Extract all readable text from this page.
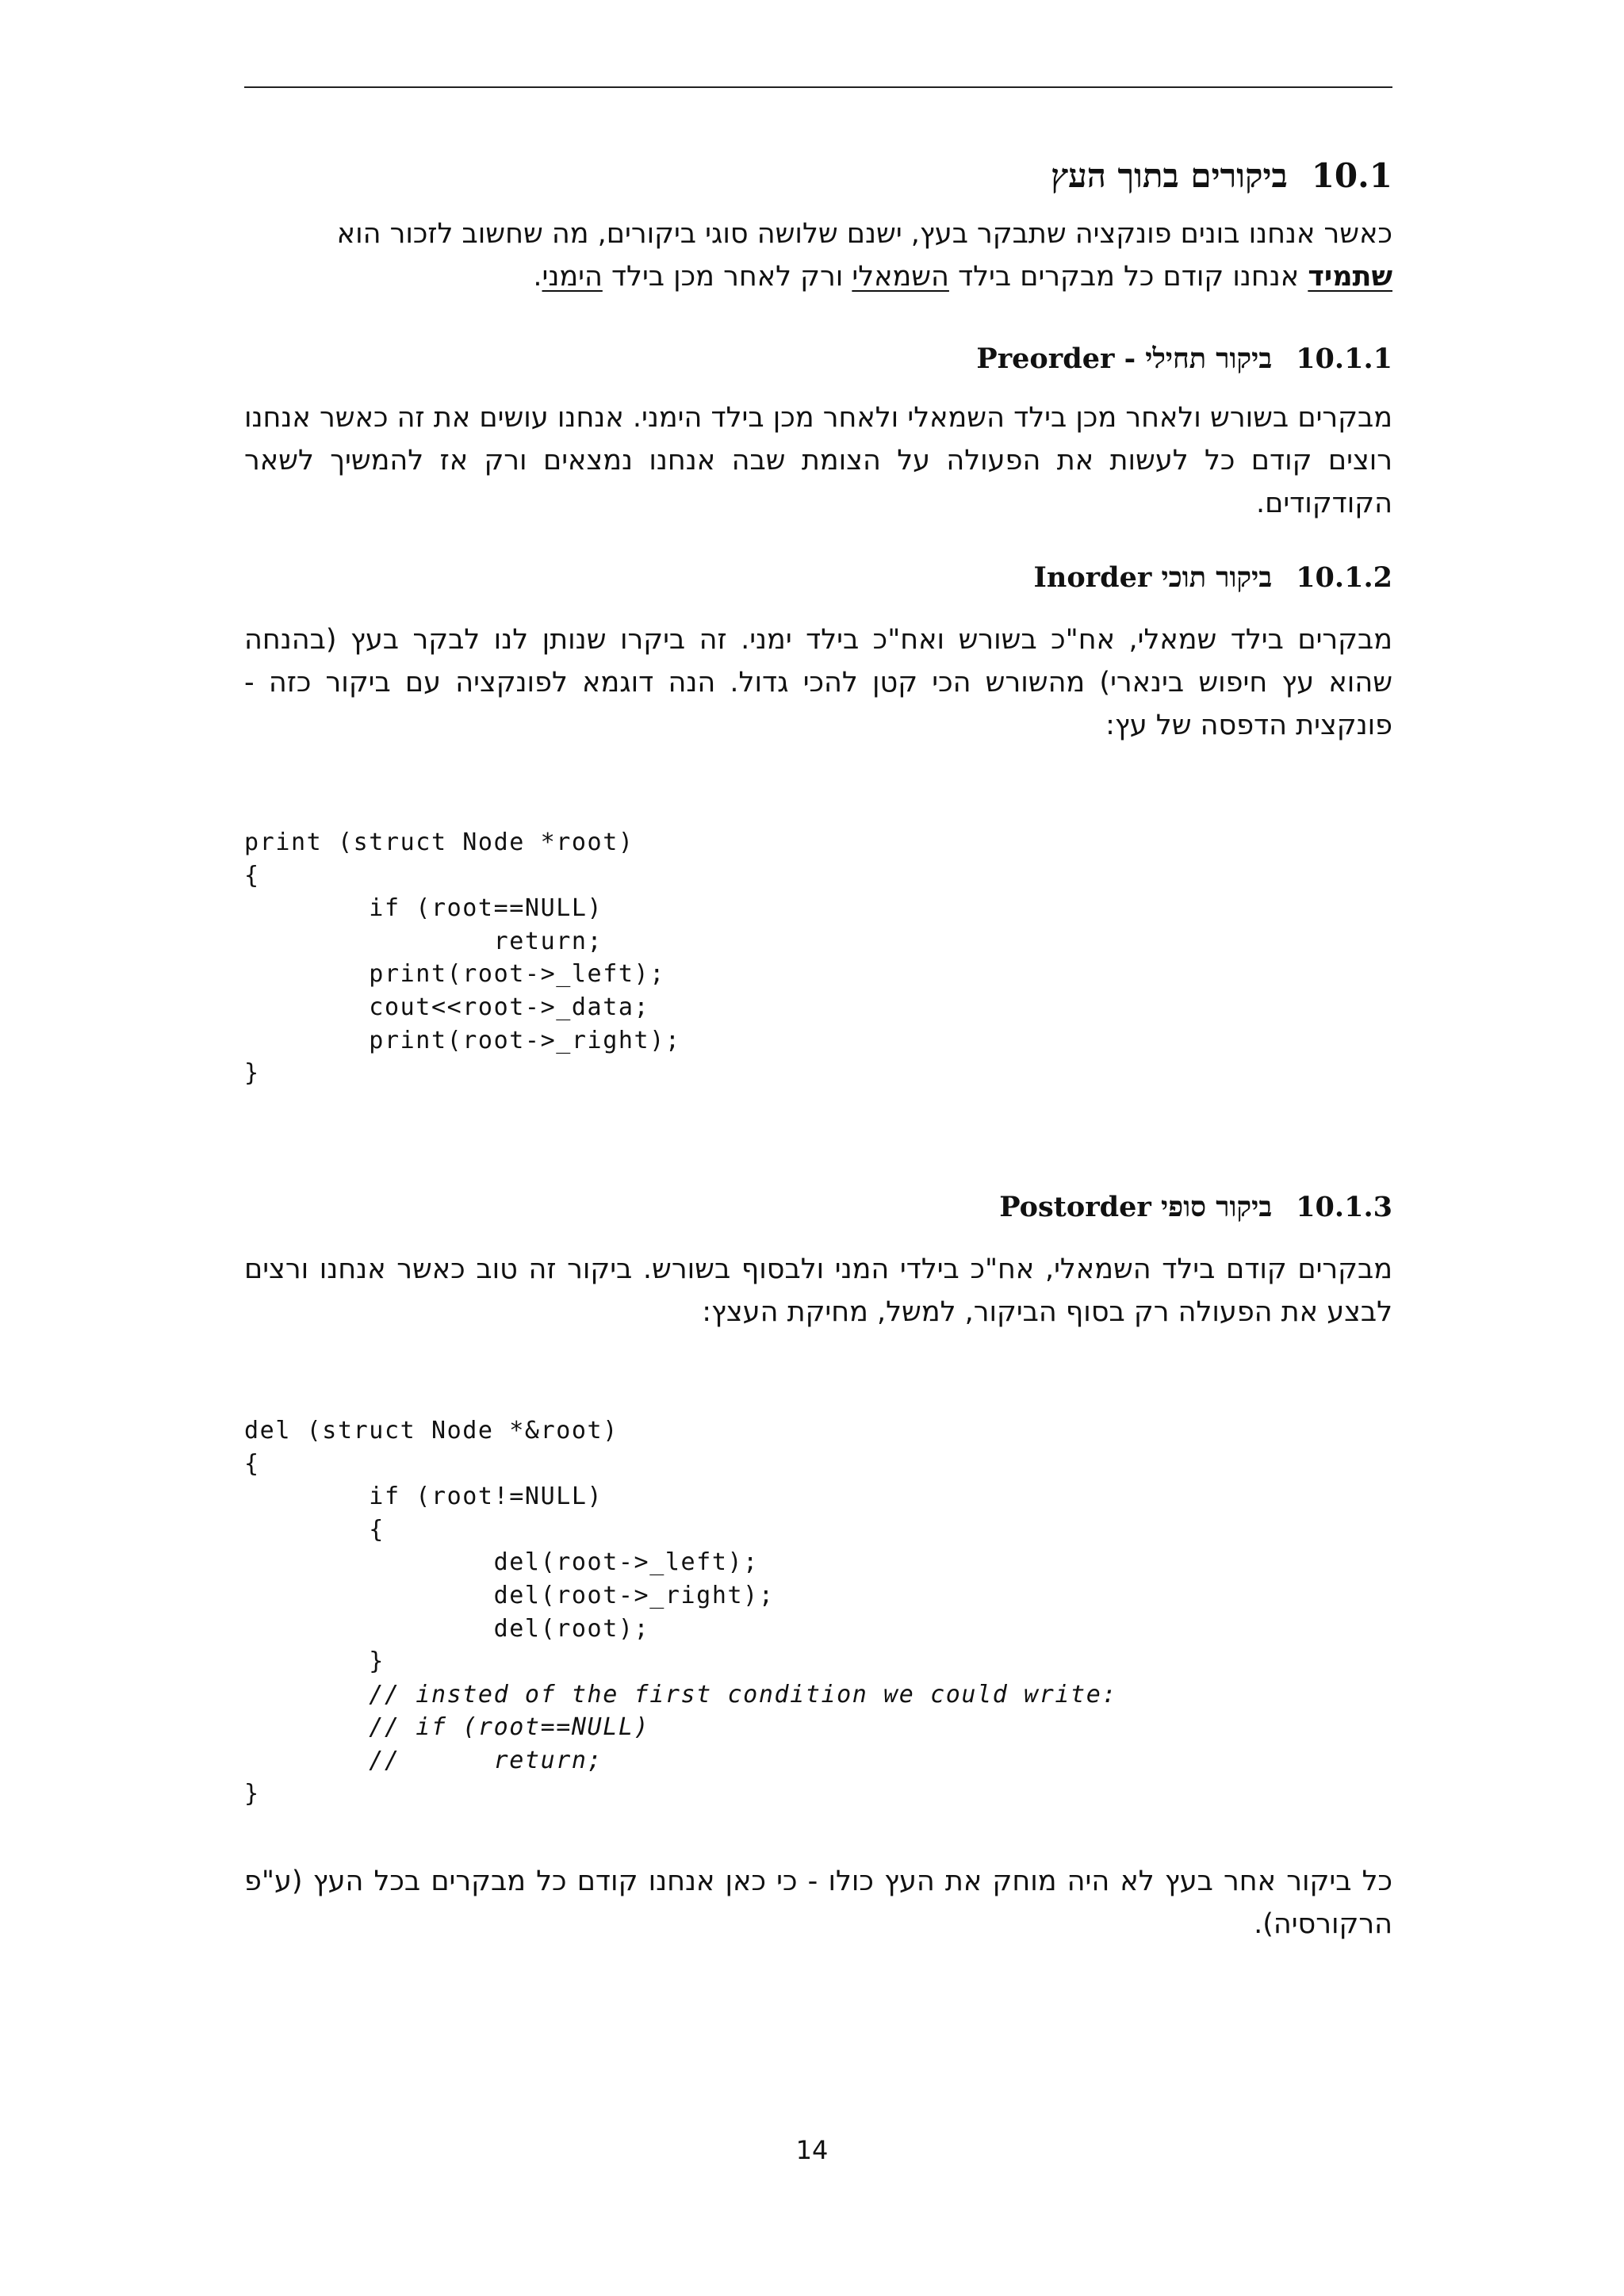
10.1ביקורים בתוך העץ
כאשר אנחנו בונים פונקציה שתבקר בעץ, ישנם שלושה סוגי ביקורים, מה שחשוב לזכור הוא
שתמיד אנחנו קודם כל מבקרים בילד השמאלי ורק לאחר מכן בילד הימני.
10.1.1ביקור תחילי - Preorder
מבקרים בשורש ולאחר מכן בילד השמאלי ולאחר מכן בילד הימני. אנחנו עושים את זה כאשר אנחנו רוצים קודם כל לעשות את הפעולה על הצומת שבה אנחנו נמצאים ורק אז להמשיך לשאר הקודקודים.
10.1.2ביקור תוכי Inorder
מבקרים בילד שמאלי, אח"כ בשורש ואח"כ בילד ימני. זה ביקרו שנותן לנו לבקר בעץ (בהנחה שהוא עץ חיפוש בינארי) מהשורש הכי קטן להכי גדול. הנה דוגמא לפונקציה עם ביקור כזה - פונקצית הדפסה של עץ:
print (struct Node *root)
{
if (root==NULL)
return;
print(root->_left);
cout<<root->_data;
print(root->_right);
}
10.1.3ביקור סופי Postorder
מבקרים קודם בילד השמאלי, אח"כ בילדי המני ולבסוף בשורש. ביקור זה טוב כאשר אנחנו ורצים לבצע את הפעולה רק בסוף הביקור, למשל, מחיקת העצץ:
del (struct Node *&root)
{
if (root!=NULL)
{
del(root->_left);
del(root->_right);
del(root);
}
// insted of the first condition we could write:
// if (root==NULL)
//      return;
}
כל ביקור אחר בעץ לא היה מוחק את העץ כולו - כי כאן אנחנו קודם כל מבקרים בכל העץ (ע"פ הרקורסיה).
14
